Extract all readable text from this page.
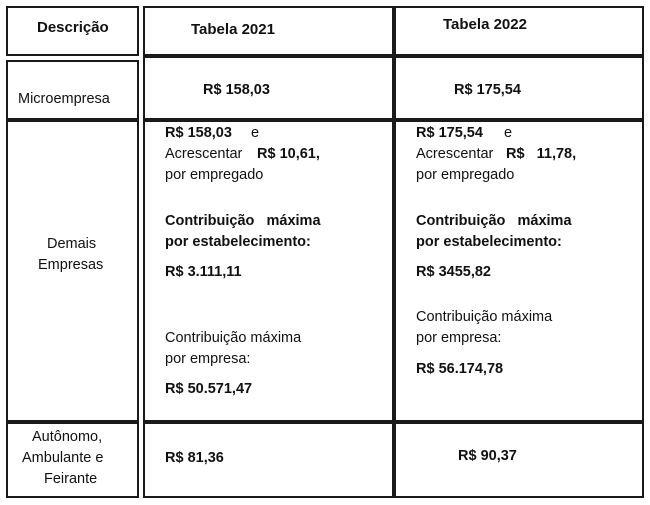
Descrição
Microempresa
Demais
Empresas
Autônomo,
Ambulante e
Feirante
Tabela 2021
R$ 158,03
R$ 158,03 e
Acrescentar R$ 10,61,
por empregado
Contribuição   máxima
por estabelecimento:
R$ 3.111,11
Contribuição máxima
por empresa:
R$ 50.571,47
R$ 81,36
Tabela 2022
R$ 175,54
R$ 175,54 e
Acrescentar R$   11,78,
por empregado
Contribuição   máxima
por estabelecimento:
R$ 3455,82
Contribuição máxima
por empresa:
R$ 56.174,78
R$ 90,37
